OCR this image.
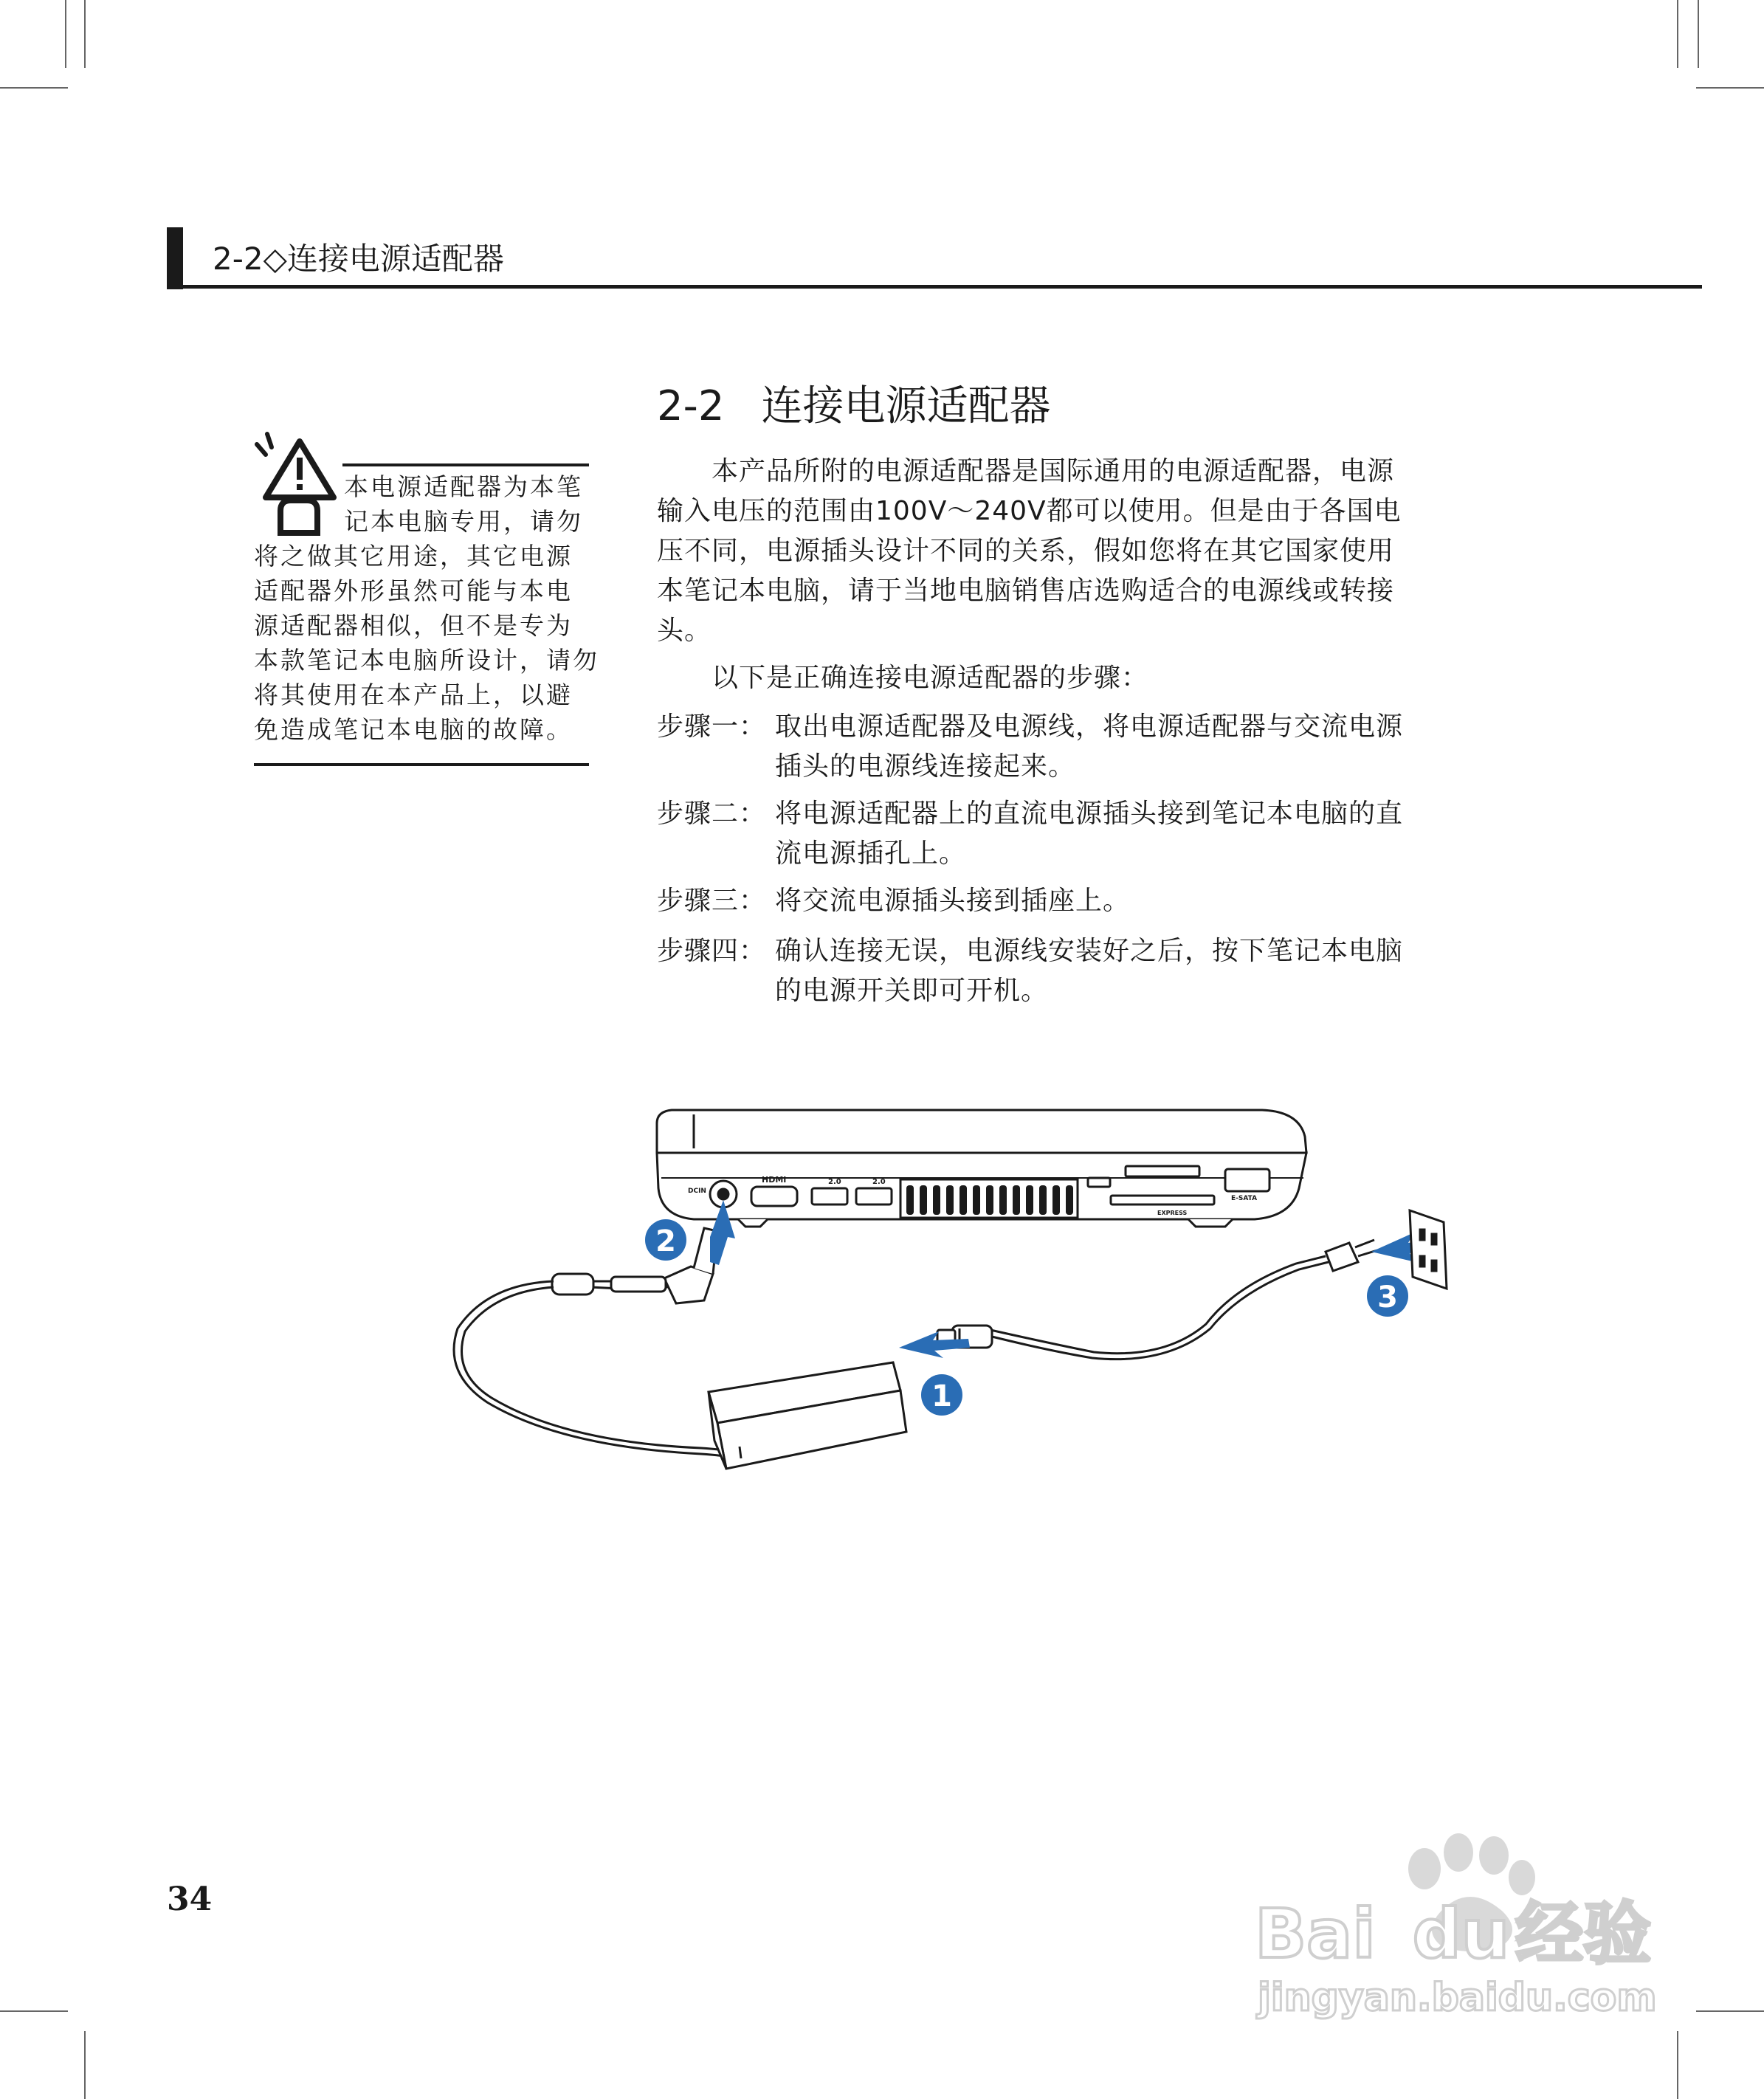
2-2◇连接电源适配器
本电源适配器为本笔
记本电脑专用，请勿
将之做其它用途，其它电源
适配器外形虽然可能与本电
源适配器相似，但不是专为
本款笔记本电脑所设计，请勿
将其使用在本产品上，以避
免造成笔记本电脑的故障。
2-2 连接电源适配器
　　本产品所附的电源适配器是国际通用的电源适配器，电源
输入电压的范围由100V～240V都可以使用。但是由于各国电
压不同，电源插头设计不同的关系，假如您将在其它国家使用
本笔记本电脑，请于当地电脑销售店选购适合的电源线或转接
头。
　　以下是正确连接电源适配器的步骤：
步骤一： 取出电源适配器及电源线，将电源适配器与交流电源
插头的电源线连接起来。
步骤二： 将电源适配器上的直流电源插头接到笔记本电脑的直
流电源插孔上。
步骤三： 将交流电源插头接到插座上。
步骤四： 确认连接无误，电源线安装好之后，按下笔记本电脑
的电源开关即可开机。
DCIN
HDMI	2.0	2.0
E-SATA
EXPRESS
1
2
3
34	Bai du经验
jingyan.baidu.com
